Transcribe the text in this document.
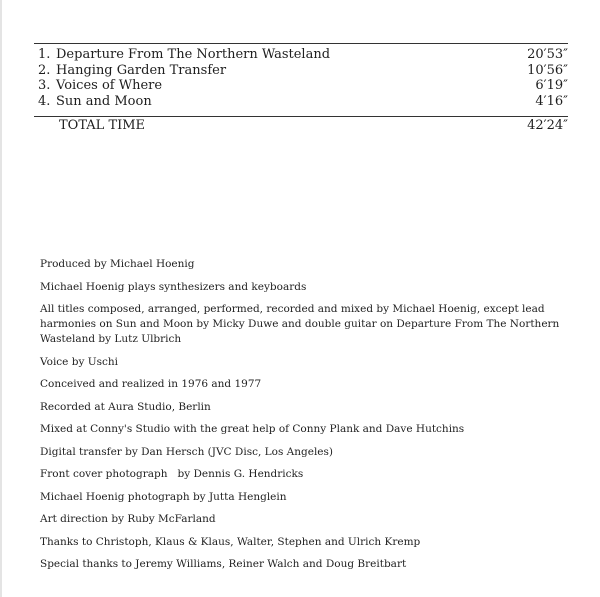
1. Departure From The Northern Wasteland	20′53″
2. Hanging Garden Transfer	10′56″
3. Voices of Where	6′19″
4. Sun and Moon	4′16″
TOTAL TIME	42′24″

Produced by Michael Hoenig

Michael Hoenig plays synthesizers and keyboards

All titles composed, arranged, performed, recorded and mixed by Michael Hoenig, except lead harmonies on Sun and Moon by Micky Duwe and double guitar on Departure From The Northern Wasteland by Lutz Ulbrich

Voice by Uschi

Conceived and realized in 1976 and 1977

Recorded at Aura Studio, Berlin

Mixed at Conny's Studio with the great help of Conny Plank and Dave Hutchins

Digital transfer by Dan Hersch (JVC Disc, Los Angeles)

Front cover photograph   by Dennis G. Hendricks

Michael Hoenig photograph by Jutta Henglein

Art direction by Ruby McFarland

Thanks to Christoph, Klaus & Klaus, Walter, Stephen and Ulrich Kremp

Special thanks to Jeremy Williams, Reiner Walch and Doug Breitbart
